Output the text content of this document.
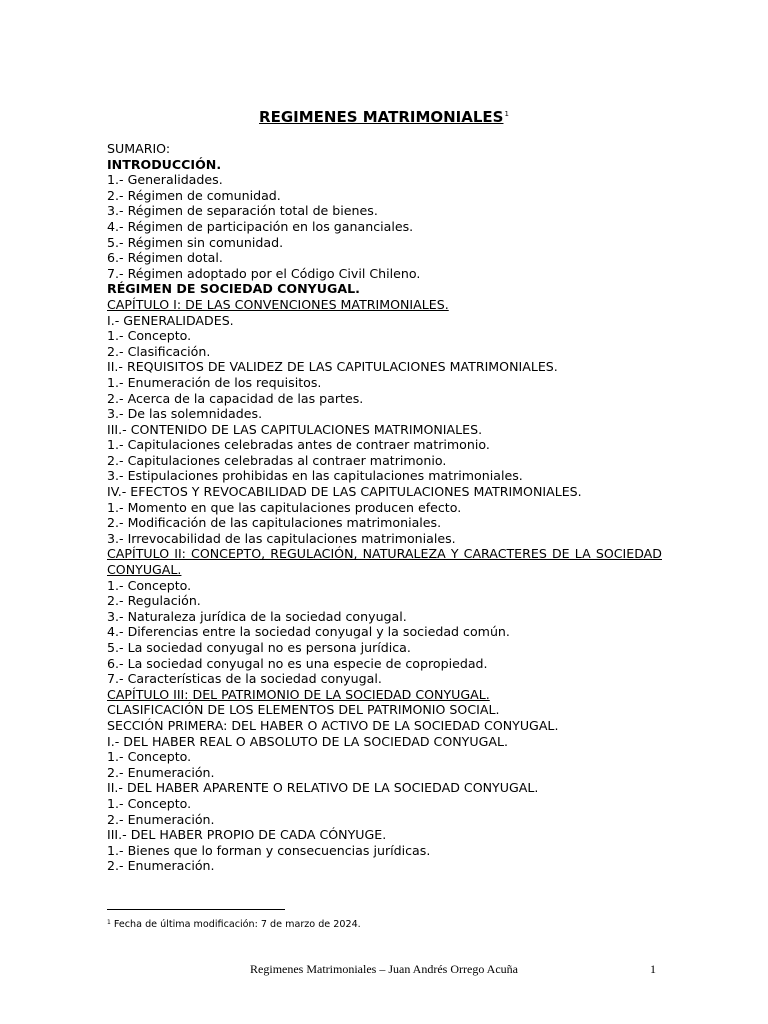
REGIMENES MATRIMONIALES$^1$
SUMARIO:
INTRODUCCIÓN.
1.- Generalidades.
2.- Régimen de comunidad.
3.- Régimen de separación total de bienes.
4.- Régimen de participación en los gananciales.
5.- Régimen sin comunidad.
6.- Régimen dotal.
7.- Régimen adoptado por el Código Civil Chileno.
RÉGIMEN DE SOCIEDAD CONYUGAL.
CAPÍTULO I: DE LAS CONVENCIONES MATRIMONIALES.
I.- GENERALIDADES.
1.- Concepto.
2.- Clasificación.
II.- REQUISITOS DE VALIDEZ DE LAS CAPITULACIONES MATRIMONIALES.
1.- Enumeración de los requisitos.
2.- Acerca de la capacidad de las partes.
3.- De las solemnidades.
III.- CONTENIDO DE LAS CAPITULACIONES MATRIMONIALES.
1.- Capitulaciones celebradas antes de contraer matrimonio.
2.- Capitulaciones celebradas al contraer matrimonio.
3.- Estipulaciones prohibidas en las capitulaciones matrimoniales.
IV.- EFECTOS Y REVOCABILIDAD DE LAS CAPITULACIONES MATRIMONIALES.
1.- Momento en que las capitulaciones producen efecto.
2.- Modificación de las capitulaciones matrimoniales.
3.- Irrevocabilidad de las capitulaciones matrimoniales.
CAPÍTULO II: CONCEPTO, REGULACIÓN, NATURALEZA Y CARACTERES DE LA SOCIEDAD CONYUGAL.
1.- Concepto.
2.- Regulación.
3.- Naturaleza jurídica de la sociedad conyugal.
4.- Diferencias entre la sociedad conyugal y la sociedad común.
5.- La sociedad conyugal no es persona jurídica.
6.- La sociedad conyugal no es una especie de copropiedad.
7.- Características de la sociedad conyugal.
CAPÍTULO III: DEL PATRIMONIO DE LA SOCIEDAD CONYUGAL.
CLASIFICACIÓN DE LOS ELEMENTOS DEL PATRIMONIO SOCIAL.
SECCIÓN PRIMERA: DEL HABER O ACTIVO DE LA SOCIEDAD CONYUGAL.
I.- DEL HABER REAL O ABSOLUTO DE LA SOCIEDAD CONYUGAL.
1.- Concepto.
2.- Enumeración.
II.- DEL HABER APARENTE O RELATIVO DE LA SOCIEDAD CONYUGAL.
1.- Concepto.
2.- Enumeración.
III.- DEL HABER PROPIO DE CADA CÓNYUGE.
1.- Bienes que lo forman y consecuencias jurídicas.
2.- Enumeración.
$^1$ Fecha de última modificación: 7 de marzo de 2024.
Regimenes Matrimoniales – Juan Andrés Orrego Acuña	1
